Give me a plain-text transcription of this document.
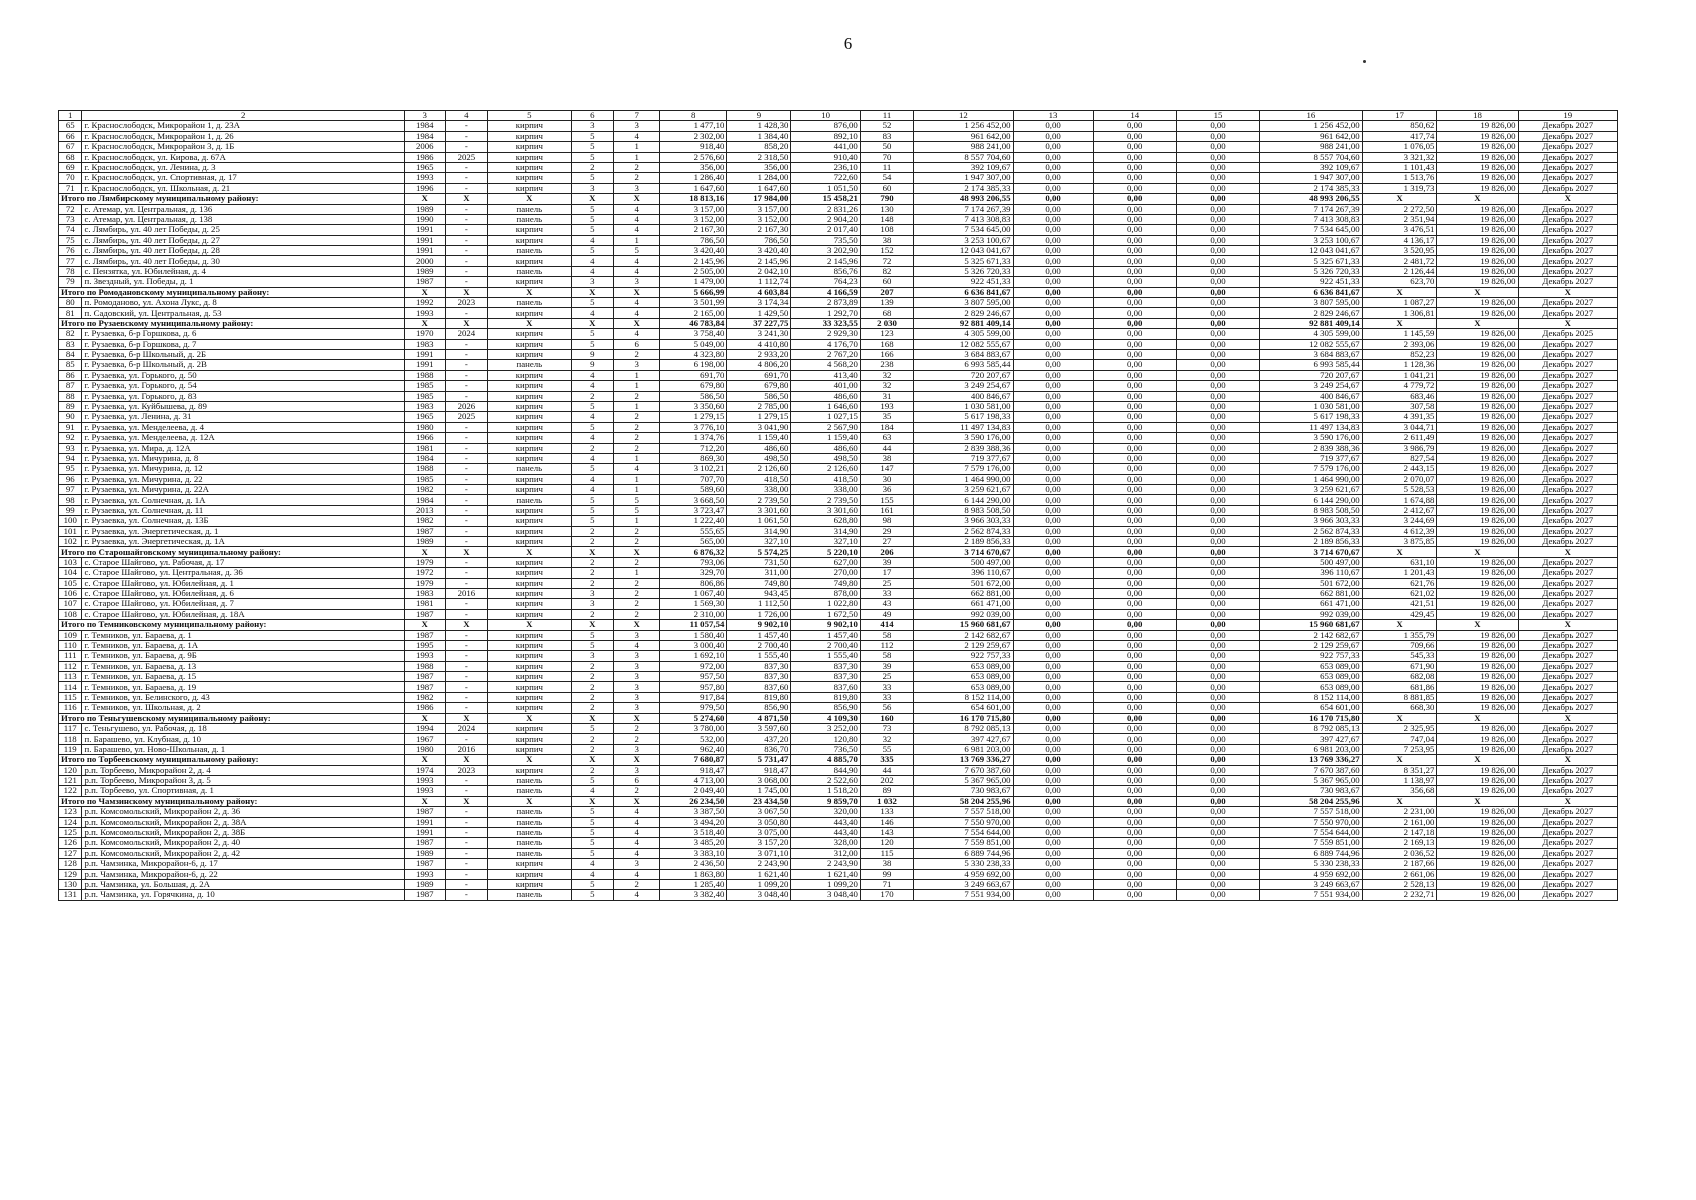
6
1	2	3	4	5	6	7	8	9	10	11	12	13	14	15	16	17	18	19
65	г. Краснослободск, Микрорайон 1, д. 23А	1984	-	кирпич	3	3	1 477,10	1 428,30	876,00	52	1 256 452,00	0,00	0,00	0,00	1 256 452,00	850,62	19 826,00	Декабрь 2027
66	г. Краснослободск, Микрорайон 1, д. 26	1984	-	кирпич	5	4	2 302,00	1 384,40	892,10	83	961 642,00	0,00	0,00	0,00	961 642,00	417,74	19 826,00	Декабрь 2027
67	г. Краснослободск, Микрорайон 3, д. 1Б	2006	-	кирпич	5	1	918,40	858,20	441,00	50	988 241,00	0,00	0,00	0,00	988 241,00	1 076,05	19 826,00	Декабрь 2027
68	г. Краснослободск, ул. Кирова, д. 67А	1986	2025	кирпич	5	1	2 576,60	2 318,50	910,40	70	8 557 704,60	0,00	0,00	0,00	8 557 704,60	3 321,32	19 826,00	Декабрь 2027
69	г. Краснослободск, ул. Ленина, д. 3	1965	-	кирпич	2	2	356,00	356,00	236,10	11	392 109,67	0,00	0,00	0,00	392 109,67	1 101,43	19 826,00	Декабрь 2027
70	г. Краснослободск, ул. Спортивная, д. 17	1993	-	кирпич	5	2	1 286,40	1 284,00	722,60	54	1 947 307,00	0,00	0,00	0,00	1 947 307,00	1 513,76	19 826,00	Декабрь 2027
71	г. Краснослободск, ул. Школьная, д. 21	1996	-	кирпич	3	3	1 647,60	1 647,60	1 051,50	60	2 174 385,33	0,00	0,00	0,00	2 174 385,33	1 319,73	19 826,00	Декабрь 2027
Итого по Лямбирскому муниципальному району:		X	X	X	X	X	18 813,16	17 984,00	15 458,21	790	48 993 206,55	0,00	0,00	0,00	48 993 206,55	X	X	X
72	с. Атемар, ул. Центральная, д. 136	1989	-	панель	5	4	3 157,00	3 157,00	2 831,26	130	7 174 267,39	0,00	0,00	0,00	7 174 267,39	2 272,50	19 826,00	Декабрь 2027
73	с. Атемар, ул. Центральная, д. 138	1990	-	панель	5	4	3 152,00	3 152,00	2 904,20	148	7 413 308,83	0,00	0,00	0,00	7 413 308,83	2 351,94	19 826,00	Декабрь 2027
74	с. Лямбирь, ул. 40 лет Победы, д. 25	1991	-	кирпич	5	4	2 167,30	2 167,30	2 017,40	108	7 534 645,00	0,00	0,00	0,00	7 534 645,00	3 476,51	19 826,00	Декабрь 2027
75	с. Лямбирь, ул. 40 лет Победы, д. 27	1991	-	кирпич	4	1	786,50	786,50	735,50	38	3 253 100,67	0,00	0,00	0,00	3 253 100,67	4 136,17	19 826,00	Декабрь 2027
76	с. Лямбирь, ул. 40 лет Победы, д. 28	1991	-	панель	5	5	3 420,40	3 420,40	3 202,90	152	12 043 041,67	0,00	0,00	0,00	12 043 041,67	3 520,95	19 826,00	Декабрь 2027
77	с. Лямбирь, ул. 40 лет Победы, д. 30	2000	-	кирпич	4	4	2 145,96	2 145,96	2 145,96	72	5 325 671,33	0,00	0,00	0,00	5 325 671,33	2 481,72	19 826,00	Декабрь 2027
78	с. Пензятка, ул. Юбилейная, д. 4	1989	-	панель	4	4	2 505,00	2 042,10	856,76	82	5 326 720,33	0,00	0,00	0,00	5 326 720,33	2 126,44	19 826,00	Декабрь 2027
79	п. Звездный, ул. Победы, д. 1	1987	-	кирпич	3	3	1 479,00	1 112,74	764,23	60	922 451,33	0,00	0,00	0,00	922 451,33	623,70	19 826,00	Декабрь 2027
Итого по Ромодановскому муниципальному району:		X	X	X	X	X	5 666,99	4 603,84	4 166,59	207	6 636 841,67	0,00	0,00	0,00	6 636 841,67	X	X	X
80	п. Ромоданово, ул. Ахона Лукс, д. 8	1992	2023	панель	5	4	3 501,99	3 174,34	2 873,89	139	3 807 595,00	0,00	0,00	0,00	3 807 595,00	1 087,27	19 826,00	Декабрь 2027
81	п. Садовский, ул. Центральная, д. 53	1993	-	кирпич	4	4	2 165,00	1 429,50	1 292,70	68	2 829 246,67	0,00	0,00	0,00	2 829 246,67	1 306,81	19 826,00	Декабрь 2027
Итого по Рузаевскому муниципальному району:		X	X	X	X	X	46 783,84	37 227,75	33 323,55	2 030	92 881 409,14	0,00	0,00	0,00	92 881 409,14	X	X	X
82	г. Рузаевка, б-р Горшкова, д. 6	1970	2024	кирпич	5	4	3 758,40	3 241,30	2 929,30	123	4 305 599,00	0,00	0,00	0,00	4 305 599,00	1 145,59	19 826,00	Декабрь 2025
83	г. Рузаевка, б-р Горшкова, д. 7	1983	-	кирпич	5	6	5 049,00	4 410,80	4 176,70	168	12 082 555,67	0,00	0,00	0,00	12 082 555,67	2 393,06	19 826,00	Декабрь 2027
84	г. Рузаевка, б-р Школьный, д. 2Б	1991	-	кирпич	9	2	4 323,80	2 933,20	2 767,20	166	3 684 883,67	0,00	0,00	0,00	3 684 883,67	852,23	19 826,00	Декабрь 2027
85	г. Рузаевка, б-р Школьный, д. 2В	1991	-	панель	9	3	6 198,00	4 806,20	4 568,20	238	6 993 585,44	0,00	0,00	0,00	6 993 585,44	1 128,36	19 826,00	Декабрь 2027
86	г. Рузаевка, ул. Горького, д. 50	1988	-	кирпич	4	1	691,70	691,70	413,40	32	720 207,67	0,00	0,00	0,00	720 207,67	1 041,21	19 826,00	Декабрь 2027
87	г. Рузаевка, ул. Горького, д. 54	1985	-	кирпич	4	1	679,80	679,80	401,00	32	3 249 254,67	0,00	0,00	0,00	3 249 254,67	4 779,72	19 826,00	Декабрь 2027
88	г. Рузаевка, ул. Горького, д. 83	1985	-	кирпич	2	2	586,50	586,50	486,60	31	400 846,67	0,00	0,00	0,00	400 846,67	683,46	19 826,00	Декабрь 2027
89	г. Рузаевка, ул. Куйбышева, д. 89	1983	2026	кирпич	5	1	3 350,60	2 785,00	1 646,60	193	1 030 581,00	0,00	0,00	0,00	1 030 581,00	307,58	19 826,00	Декабрь 2027
90	г. Рузаевка, ул. Ленина, д. 31	1965	2025	кирпич	4	2	1 279,15	1 279,15	1 027,15	35	5 617 198,33	0,00	0,00	0,00	5 617 198,33	4 391,35	19 826,00	Декабрь 2027
91	г. Рузаевка, ул. Менделеева, д. 4	1980	-	кирпич	5	2	3 776,10	3 041,90	2 567,90	184	11 497 134,83	0,00	0,00	0,00	11 497 134,83	3 044,71	19 826,00	Декабрь 2027
92	г. Рузаевка, ул. Менделеева, д. 12А	1966	-	кирпич	4	2	1 374,76	1 159,40	1 159,40	63	3 590 176,00	0,00	0,00	0,00	3 590 176,00	2 611,49	19 826,00	Декабрь 2027
93	г. Рузаевка, ул. Мира, д. 12А	1981	-	кирпич	2	2	712,20	486,60	486,60	44	2 839 388,36	0,00	0,00	0,00	2 839 388,36	3 986,79	19 826,00	Декабрь 2027
94	г. Рузаевка, ул. Мичурина, д. 8	1984	-	кирпич	4	1	869,30	498,50	498,50	38	719 377,67	0,00	0,00	0,00	719 377,67	827,54	19 826,00	Декабрь 2027
95	г. Рузаевка, ул. Мичурина, д. 12	1988	-	панель	5	4	3 102,21	2 126,60	2 126,60	147	7 579 176,00	0,00	0,00	0,00	7 579 176,00	2 443,15	19 826,00	Декабрь 2027
96	г. Рузаевка, ул. Мичурина, д. 22	1985	-	кирпич	4	1	707,70	418,50	418,50	30	1 464 990,00	0,00	0,00	0,00	1 464 990,00	2 070,07	19 826,00	Декабрь 2027
97	г. Рузаевка, ул. Мичурина, д. 22А	1982	-	кирпич	4	1	589,60	338,00	338,00	36	3 259 621,67	0,00	0,00	0,00	3 259 621,67	5 528,53	19 826,00	Декабрь 2027
98	г. Рузаевка, ул. Солнечная, д. 1А	1984	-	панель	5	5	3 668,50	2 739,50	2 739,50	155	6 144 290,00	0,00	0,00	0,00	6 144 290,00	1 674,88	19 826,00	Декабрь 2027
99	г. Рузаевка, ул. Солнечная, д. 11	2013	-	кирпич	5	5	3 723,47	3 301,60	3 301,60	161	8 983 508,50	0,00	0,00	0,00	8 983 508,50	2 412,67	19 826,00	Декабрь 2027
100	г. Рузаевка, ул. Солнечная, д. 13Б	1982	-	кирпич	5	1	1 222,40	1 061,50	628,80	98	3 966 303,33	0,00	0,00	0,00	3 966 303,33	3 244,69	19 826,00	Декабрь 2027
101	г. Рузаевка, ул. Энергетическая, д. 1	1987	-	кирпич	2	2	555,65	314,90	314,90	29	2 562 874,33	0,00	0,00	0,00	2 562 874,33	4 612,39	19 826,00	Декабрь 2027
102	г. Рузаевка, ул. Энергетическая, д. 1А	1989	-	кирпич	2	2	565,00	327,10	327,10	27	2 189 856,33	0,00	0,00	0,00	2 189 856,33	3 875,85	19 826,00	Декабрь 2027
Итого по Старошайговскому муниципальному району:		X	X	X	X	X	6 876,32	5 574,25	5 220,10	206	3 714 670,67	0,00	0,00	0,00	3 714 670,67	X	X	X
103	с. Старое Шайгово, ул. Рабочая, д. 17	1979	-	кирпич	2	2	793,06	731,50	627,00	39	500 497,00	0,00	0,00	0,00	500 497,00	631,10	19 826,00	Декабрь 2027
104	с. Старое Шайгово, ул. Центральная, д. 36	1972	-	кирпич	2	1	329,70	311,00	270,00	17	396 110,67	0,00	0,00	0,00	396 110,67	1 201,43	19 826,00	Декабрь 2027
105	с. Старое Шайгово, ул. Юбилейная, д. 1	1979	-	кирпич	2	2	806,86	749,80	749,80	25	501 672,00	0,00	0,00	0,00	501 672,00	621,76	19 826,00	Декабрь 2027
106	с. Старое Шайгово, ул. Юбилейная, д. 6	1983	2016	кирпич	3	2	1 067,40	943,45	878,00	33	662 881,00	0,00	0,00	0,00	662 881,00	621,02	19 826,00	Декабрь 2027
107	с. Старое Шайгово, ул. Юбилейная, д. 7	1981	-	кирпич	3	2	1 569,30	1 112,50	1 022,80	43	661 471,00	0,00	0,00	0,00	661 471,00	421,51	19 826,00	Декабрь 2027
108	с. Старое Шайгово, ул. Юбилейная, д. 18А	1987	-	кирпич	2	2	2 310,00	1 726,00	1 672,50	49	992 039,00	0,00	0,00	0,00	992 039,00	429,45	19 826,00	Декабрь 2027
Итого по Темниковскому муниципальному району:		X	X	X	X	X	11 057,54	9 902,10	9 902,10	414	15 960 681,67	0,00	0,00	0,00	15 960 681,67	X	X	X
109	г. Темников, ул. Бараева, д. 1	1987	-	кирпич	5	3	1 580,40	1 457,40	1 457,40	58	2 142 682,67	0,00	0,00	0,00	2 142 682,67	1 355,79	19 826,00	Декабрь 2027
110	г. Темников, ул. Бараева, д. 1А	1995	-	кирпич	5	4	3 000,40	2 700,40	2 700,40	112	2 129 259,67	0,00	0,00	0,00	2 129 259,67	709,66	19 826,00	Декабрь 2027
111	г. Темников, ул. Бараева, д. 9Б	1993	-	кирпич	3	3	1 692,10	1 555,40	1 555,40	58	922 757,33	0,00	0,00	0,00	922 757,33	545,33	19 826,00	Декабрь 2027
112	г. Темников, ул. Бараева, д. 13	1988	-	кирпич	2	3	972,00	837,30	837,30	39	653 089,00	0,00	0,00	0,00	653 089,00	671,90	19 826,00	Декабрь 2027
113	г. Темников, ул. Бараева, д. 15	1987	-	кирпич	2	3	957,50	837,30	837,30	25	653 089,00	0,00	0,00	0,00	653 089,00	682,08	19 826,00	Декабрь 2027
114	г. Темников, ул. Бараева, д. 19	1987	-	кирпич	2	3	957,80	837,60	837,60	33	653 089,00	0,00	0,00	0,00	653 089,00	681,86	19 826,00	Декабрь 2027
115	г. Темников, ул. Белинского, д. 43	1982	-	кирпич	2	3	917,84	819,80	819,80	33	8 152 114,00	0,00	0,00	0,00	8 152 114,00	8 881,85	19 826,00	Декабрь 2027
116	г. Темников, ул. Школьная, д. 2	1986	-	кирпич	2	3	979,50	856,90	856,90	56	654 601,00	0,00	0,00	0,00	654 601,00	668,30	19 826,00	Декабрь 2027
Итого по Теньгушевскому муниципальному району:		X	X	X	X	X	5 274,60	4 871,50	4 109,30	160	16 170 715,80	0,00	0,00	0,00	16 170 715,80	X	X	X
117	с. Теньгушево, ул. Рабочая, д. 18	1994	2024	кирпич	5	2	3 780,00	3 597,60	3 252,00	73	8 792 085,13	0,00	0,00	0,00	8 792 085,13	2 325,95	19 826,00	Декабрь 2027
118	п. Барашево, ул. Клубная, д. 10	1967	-	кирпич	2	2	532,00	437,20	120,80	32	397 427,67	0,00	0,00	0,00	397 427,67	747,04	19 826,00	Декабрь 2027
119	п. Барашево, ул. Ново-Школьная, д. 1	1980	2016	кирпич	2	3	962,40	836,70	736,50	55	6 981 203,00	0,00	0,00	0,00	6 981 203,00	7 253,95	19 826,00	Декабрь 2027
Итого по Торбеевскому муниципальному району:		X	X	X	X	X	7 680,87	5 731,47	4 885,70	335	13 769 336,27	0,00	0,00	0,00	13 769 336,27	X	X	X
120	р.п. Торбеево, Микрорайон 2, д. 4	1974	2023	кирпич	2	3	918,47	918,47	844,90	44	7 670 387,60	0,00	0,00	0,00	7 670 387,60	8 351,27	19 826,00	Декабрь 2027
121	р.п. Торбеево, Микрорайон 3, д. 5	1993	-	панель	5	6	4 713,00	3 068,00	2 522,60	202	5 367 965,00	0,00	0,00	0,00	5 367 965,00	1 138,97	19 826,00	Декабрь 2027
122	р.п. Торбеево, ул. Спортивная, д. 1	1993	-	панель	4	2	2 049,40	1 745,00	1 518,20	89	730 983,67	0,00	0,00	0,00	730 983,67	356,68	19 826,00	Декабрь 2027
Итого по Чамзинскому муниципальному району:		X	X	X	X	X	26 234,50	23 434,50	9 859,70	1 032	58 204 255,96	0,00	0,00	0,00	58 204 255,96	X	X	X
123	р.п. Комсомольский, Микрорайон 2, д. 36	1987	-	панель	5	4	3 387,50	3 067,50	320,00	133	7 557 518,00	0,00	0,00	0,00	7 557 518,00	2 231,00	19 826,00	Декабрь 2027
124	р.п. Комсомольский, Микрорайон 2, д. 38А	1991	-	панель	5	4	3 494,20	3 050,80	443,40	146	7 550 970,00	0,00	0,00	0,00	7 550 970,00	2 161,00	19 826,00	Декабрь 2027
125	р.п. Комсомольский, Микрорайон 2, д. 38Б	1991	-	панель	5	4	3 518,40	3 075,00	443,40	143	7 554 644,00	0,00	0,00	0,00	7 554 644,00	2 147,18	19 826,00	Декабрь 2027
126	р.п. Комсомольский, Микрорайон 2, д. 40	1987	-	панель	5	4	3 485,20	3 157,20	328,00	120	7 559 851,00	0,00	0,00	0,00	7 559 851,00	2 169,13	19 826,00	Декабрь 2027
127	р.п. Комсомольский, Микрорайон 2, д. 42	1989	-	панель	5	4	3 383,10	3 071,10	312,00	115	6 889 744,96	0,00	0,00	0,00	6 889 744,96	2 036,52	19 826,00	Декабрь 2027
128	р.п. Чамзинка, Микрорайон-6, д. 17	1987	-	кирпич	4	3	2 436,50	2 243,90	2 243,90	38	5 330 238,33	0,00	0,00	0,00	5 330 238,33	2 187,66	19 826,00	Декабрь 2027
129	р.п. Чамзинка, Микрорайон-6, д. 22	1993	-	кирпич	4	4	1 863,80	1 621,40	1 621,40	99	4 959 692,00	0,00	0,00	0,00	4 959 692,00	2 661,06	19 826,00	Декабрь 2027
130	р.п. Чамзинка, ул. Большая, д. 2А	1989	-	кирпич	5	2	1 285,40	1 099,20	1 099,20	71	3 249 663,67	0,00	0,00	0,00	3 249 663,67	2 528,13	19 826,00	Декабрь 2027
131	р.п. Чамзинка, ул. Горячкина, д. 10	1987	-	панель	5	4	3 382,40	3 048,40	3 048,40	170	7 551 934,00	0,00	0,00	0,00	7 551 934,00	2 232,71	19 826,00	Декабрь 2027
